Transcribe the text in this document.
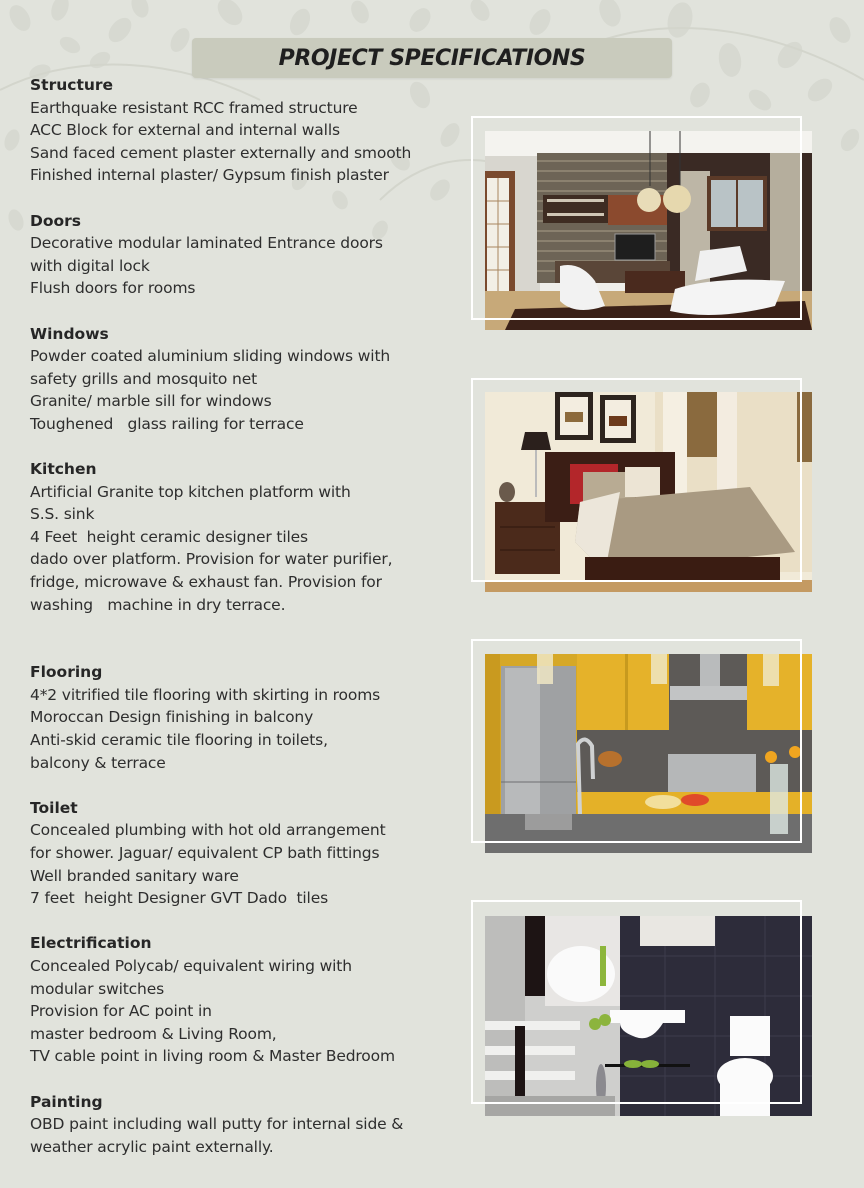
PROJECT SPECIFICATIONS
Structure
Earthquake resistant RCC framed structure
ACC Block for external and internal walls
Sand faced cement plaster externally and smooth
Finished internal plaster/ Gypsum finish plaster
Doors
Decorative modular laminated Entrance doors
with digital lock
Flush doors for rooms
Windows
Powder coated aluminium sliding windows with
safety grills and mosquito net
Granite/ marble sill for windows
Toughened   glass railing for terrace
Kitchen
Artificial Granite top kitchen platform with
S.S. sink
4 Feet  height ceramic designer tiles
dado over platform. Provision for water purifier,
fridge, microwave & exhaust fan. Provision for
washing   machine in dry terrace.
Flooring
4*2 vitrified tile flooring with skirting in rooms
Moroccan Design finishing in balcony
Anti-skid ceramic tile flooring in toilets,
balcony & terrace
Toilet
Concealed plumbing with hot old arrangement
for shower. Jaguar/ equivalent CP bath fittings
Well branded sanitary ware
7 feet  height Designer GVT Dado  tiles
Electrification
Concealed Polycab/ equivalent wiring with
modular switches
Provision for AC point in
master bedroom & Living Room,
TV cable point in living room & Master Bedroom
Painting
OBD paint including wall putty for internal side &
weather acrylic paint externally.
